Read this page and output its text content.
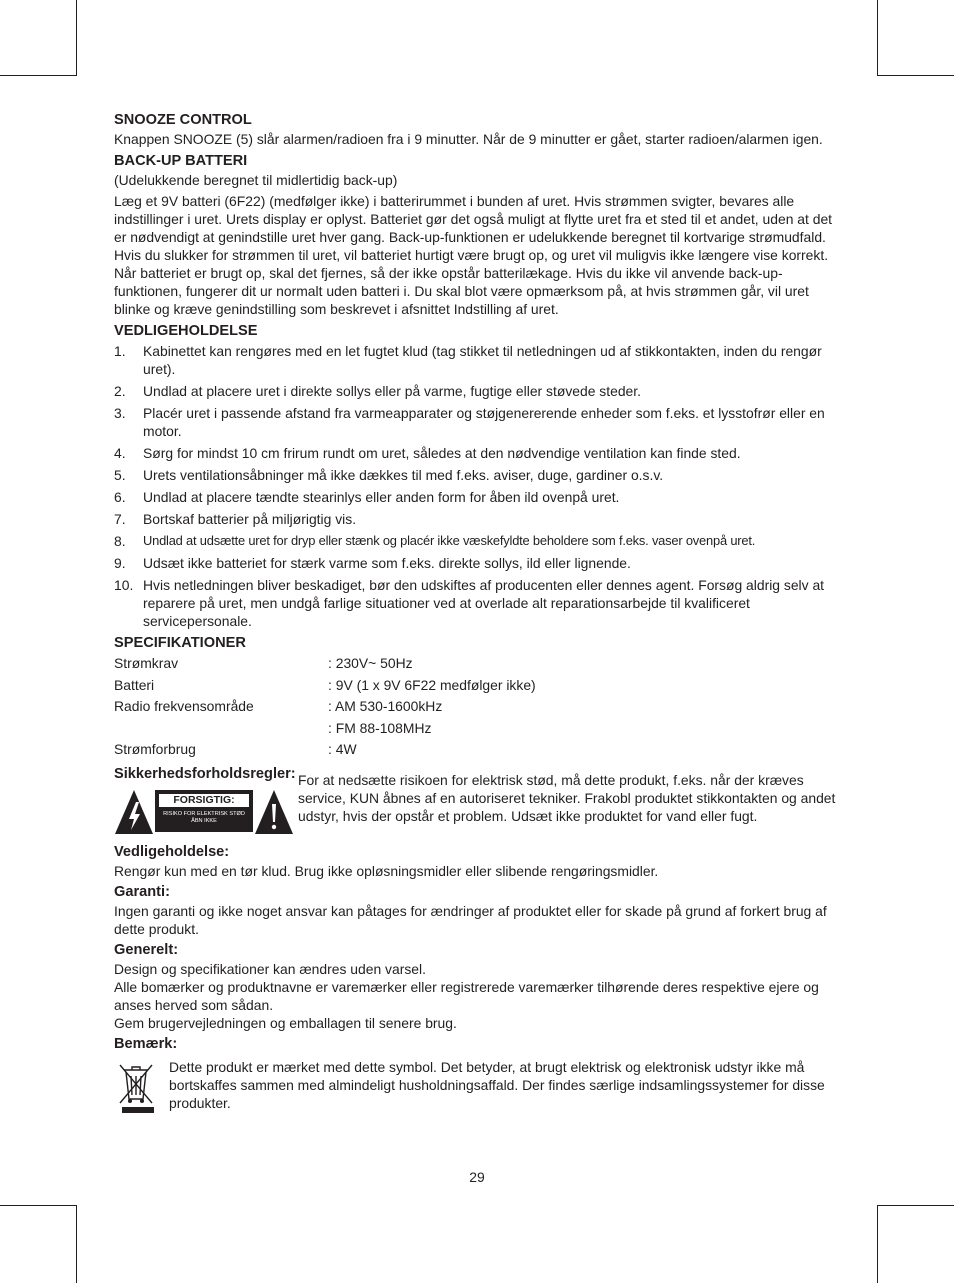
SNOOZE CONTROL

Knappen SNOOZE (5) slår alarmen/radioen fra i 9 minutter. Når de 9 minutter er gået, starter radioen/alarmen igen.

BACK-UP BATTERI

(Udelukkende beregnet til midlertidig back-up)

Læg et 9V batteri (6F22) (medfølger ikke) i batterirummet i bunden af uret. Hvis strømmen svigter, bevares alle indstillinger i uret. Urets display er oplyst. Batteriet gør det også muligt at flytte uret fra et sted til et andet, uden at det er nødvendigt at genindstille uret hver gang. Back-up-funktionen er udelukkende beregnet til kortvarige strømudfald. Hvis du slukker for strømmen til uret, vil batteriet hurtigt være brugt op, og uret vil muligvis ikke længere vise korrekt. Når batteriet er brugt op, skal det fjernes, så der ikke opstår batterilækage. Hvis du ikke vil anvende back-up-funktionen, fungerer dit ur normalt uden batteri i. Du skal blot være opmærksom på, at hvis strømmen går, vil uret blinke og kræve genindstilling som beskrevet i afsnittet Indstilling af uret.

VEDLIGEHOLDELSE
1.	Kabinettet kan rengøres med en let fugtet klud (tag stikket til netledningen ud af stikkontakten, inden du rengør uret).
2.	Undlad at placere uret i direkte sollys eller på varme, fugtige eller støvede steder.
3.	Placér uret i passende afstand fra varmeapparater og støjgenererende enheder som f.eks. et lysstofrør eller en motor.
4.	Sørg for mindst 10 cm frirum rundt om uret, således at den nødvendige ventilation kan finde sted.
5.	Urets ventilationsåbninger må ikke dækkes til med f.eks. aviser, duge, gardiner o.s.v.
6.	Undlad at placere tændte stearinlys eller anden form for åben ild ovenpå uret.
7.	Bortskaf batterier på miljørigtig vis.
8.	Undlad at udsætte uret for dryp eller stænk og placér ikke væskefyldte beholdere som f.eks. vaser ovenpå uret.
9.	Udsæt ikke batteriet for stærk varme som f.eks. direkte sollys, ild eller lignende.
10. Hvis netledningen bliver beskadiget, bør den udskiftes af producenten eller dennes agent. Forsøg aldrig selv at reparere på uret, men undgå farlige situationer ved at overlade alt reparationsarbejde til kvalificeret servicepersonale.
SPECIFIKATIONER
Strømkrav	: 230V~ 50Hz
Batteri	: 9V (1 x 9V 6F22 medfølger ikke)
Radio frekvensområde	: AM 530-1600kHz
	: FM 88-108MHz
Strømforbrug	: 4W
Sikkerhedsforholdsregler:
FORSIGTIG:
RISIKO FOR ELEKTRISK STØD
ÅBN IKKE

For at nedsætte risikoen for elektrisk stød, må dette produkt, f.eks. når der kræves service, KUN åbnes af en autoriseret tekniker. Frakobl produktet stikkontakten og andet udstyr, hvis der opstår et problem. Udsæt ikke produktet for vand eller fugt.

Vedligeholdelse:

Rengør kun med en tør klud. Brug ikke opløsningsmidler eller slibende rengøringsmidler.

Garanti:

Ingen garanti og ikke noget ansvar kan påtages for ændringer af produktet eller for skade på grund af forkert brug af dette produkt.

Generelt:

Design og specifikationer kan ændres uden varsel.

Alle bomærker og produktnavne er varemærker eller registrerede varemærker tilhørende deres respektive ejere og anses herved som sådan.

Gem brugervejledningen og emballagen til senere brug.

Bemærk:

Dette produkt er mærket med dette symbol. Det betyder, at brugt elektrisk og elektronisk udstyr ikke må bortskaffes sammen med almindeligt husholdningsaffald. Der findes særlige indsamlingssystemer for disse produkter.

29
